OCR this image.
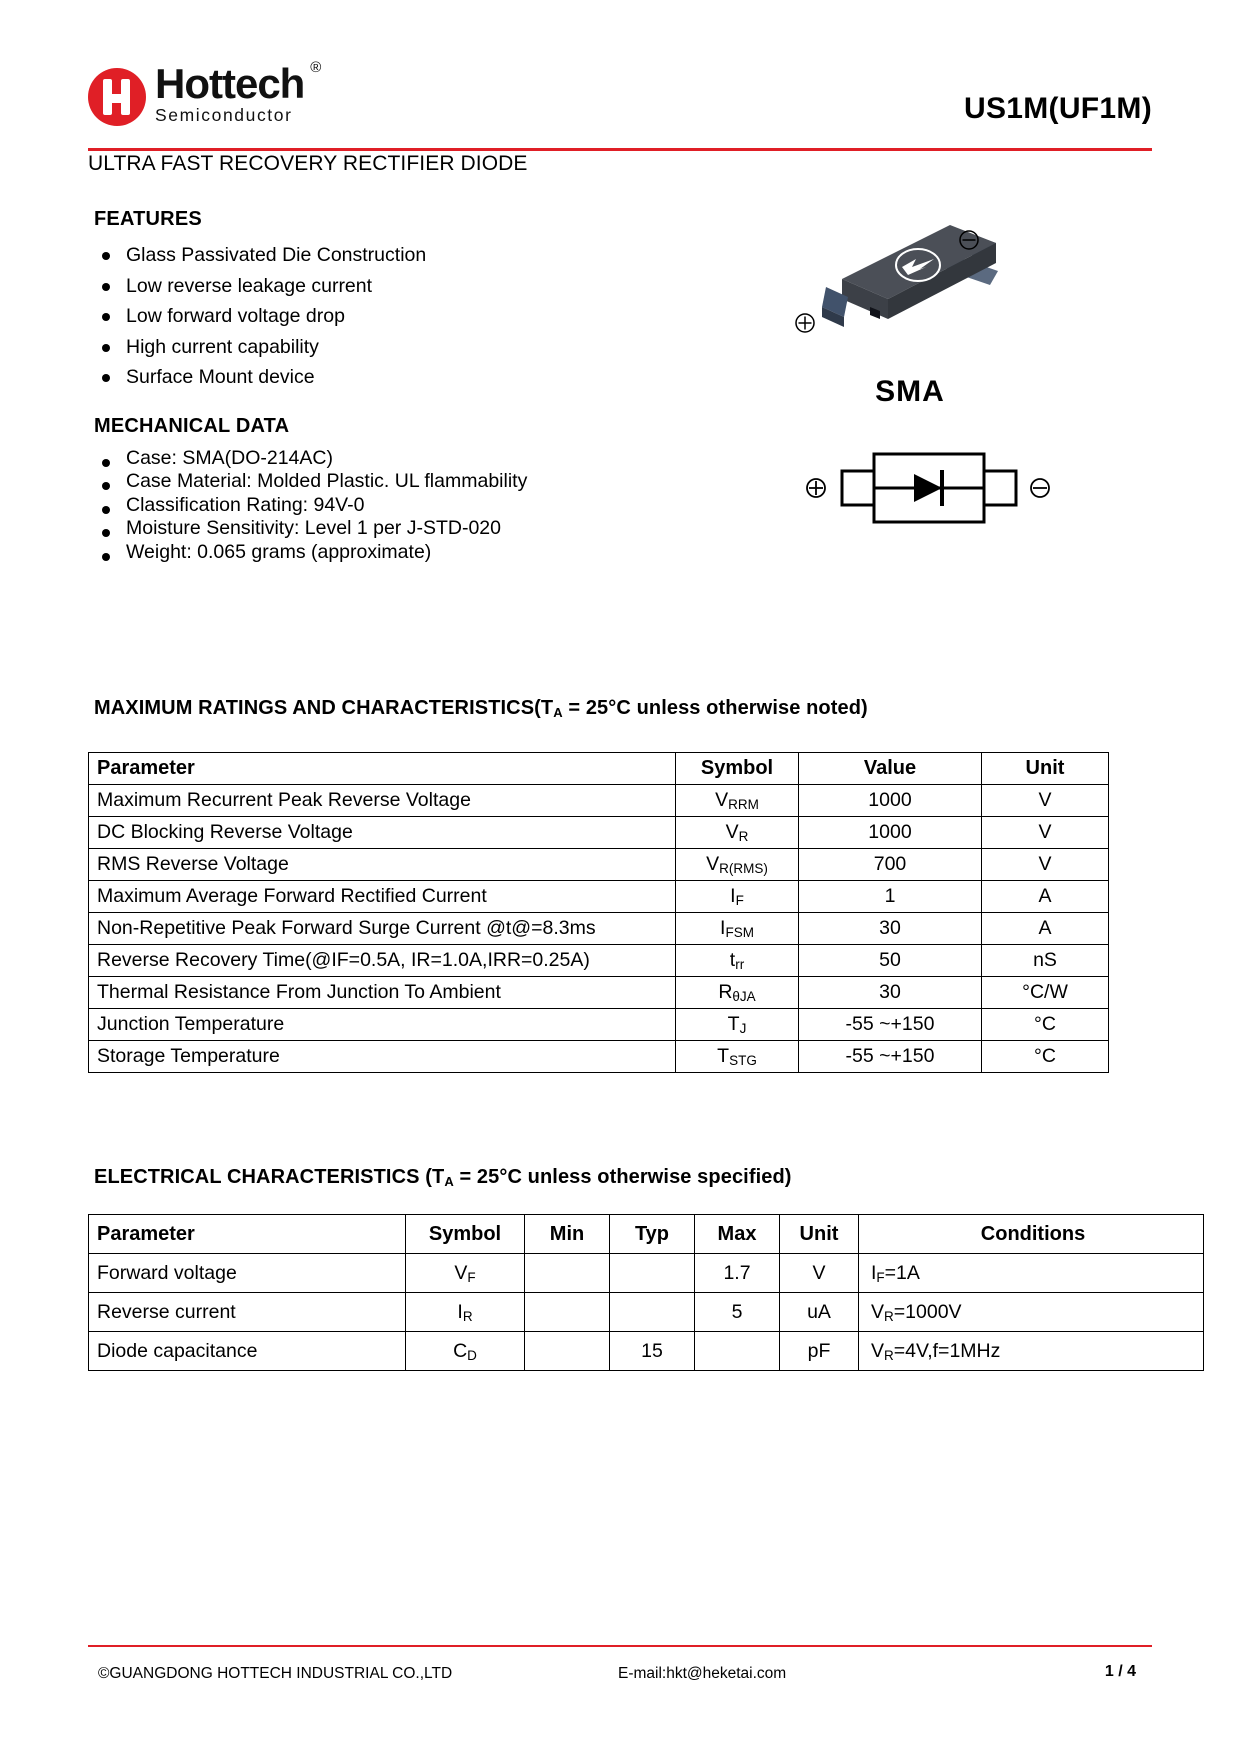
Hottech ®
Semiconductor	US1M(UF1M)
ULTRA FAST RECOVERY RECTIFIER DIODE
FEATURES
Glass Passivated Die Construction
Low reverse leakage current
Low forward voltage drop
High current capability
Surface Mount device
MECHANICAL DATA
Case: SMA(DO-214AC)
Case Material: Molded Plastic. UL flammability
Classification Rating: 94V-0
Moisture Sensitivity: Level 1 per J-STD-020
Weight: 0.065 grams (approximate)
SMA
MAXIMUM RATINGS AND $CHARACTERISTICS(T_A = 25^\circ C$ unless otherwise noted)
Parameter	Symbol	Value	Unit
Maximum Recurrent Peak Reverse Voltage	$V_{RRM}$	1000	V
DC Blocking Reverse Voltage	$V_R$	1000	V
RMS Reverse Voltage	$V_{R(RMS)}$	700	V
Maximum Average Forward Rectified Current	$I_F$	1	A
Non-Repetitive Peak Forward Surge Current @t@=8.3ms	$I_{FSM}$	30	A
Reverse Recovery Time(@IF=0.5A, IR=1.0A,IRR=0.25A)	$t_{rr}$	50	nS
Thermal Resistance From Junction To Ambient	$R_{\theta JA}$	30	°C/W
Junction Temperature	$T_J$	-55 ~+150	°C
Storage Temperature	$T_{STG}$	-55 ~+150	°C
ELECTRICAL CHARACTERISTICS ($T_A = 25^\circ C$ unless otherwise specified)
Parameter	Symbol	Min	Typ	Max	Unit	Conditions
Forward voltage	$V_F$			1.7	V	$I_F=1A$
Reverse current	$I_R$			5	uA	$V_R=1000V$
Diode capacitance	$C_D$		15		pF	$V_R=4V,f=1MHz$
©GUANGDONG HOTTECH INDUSTRIAL CO.,LTD	E-mail:hkt@heketai.com	1 / 4
